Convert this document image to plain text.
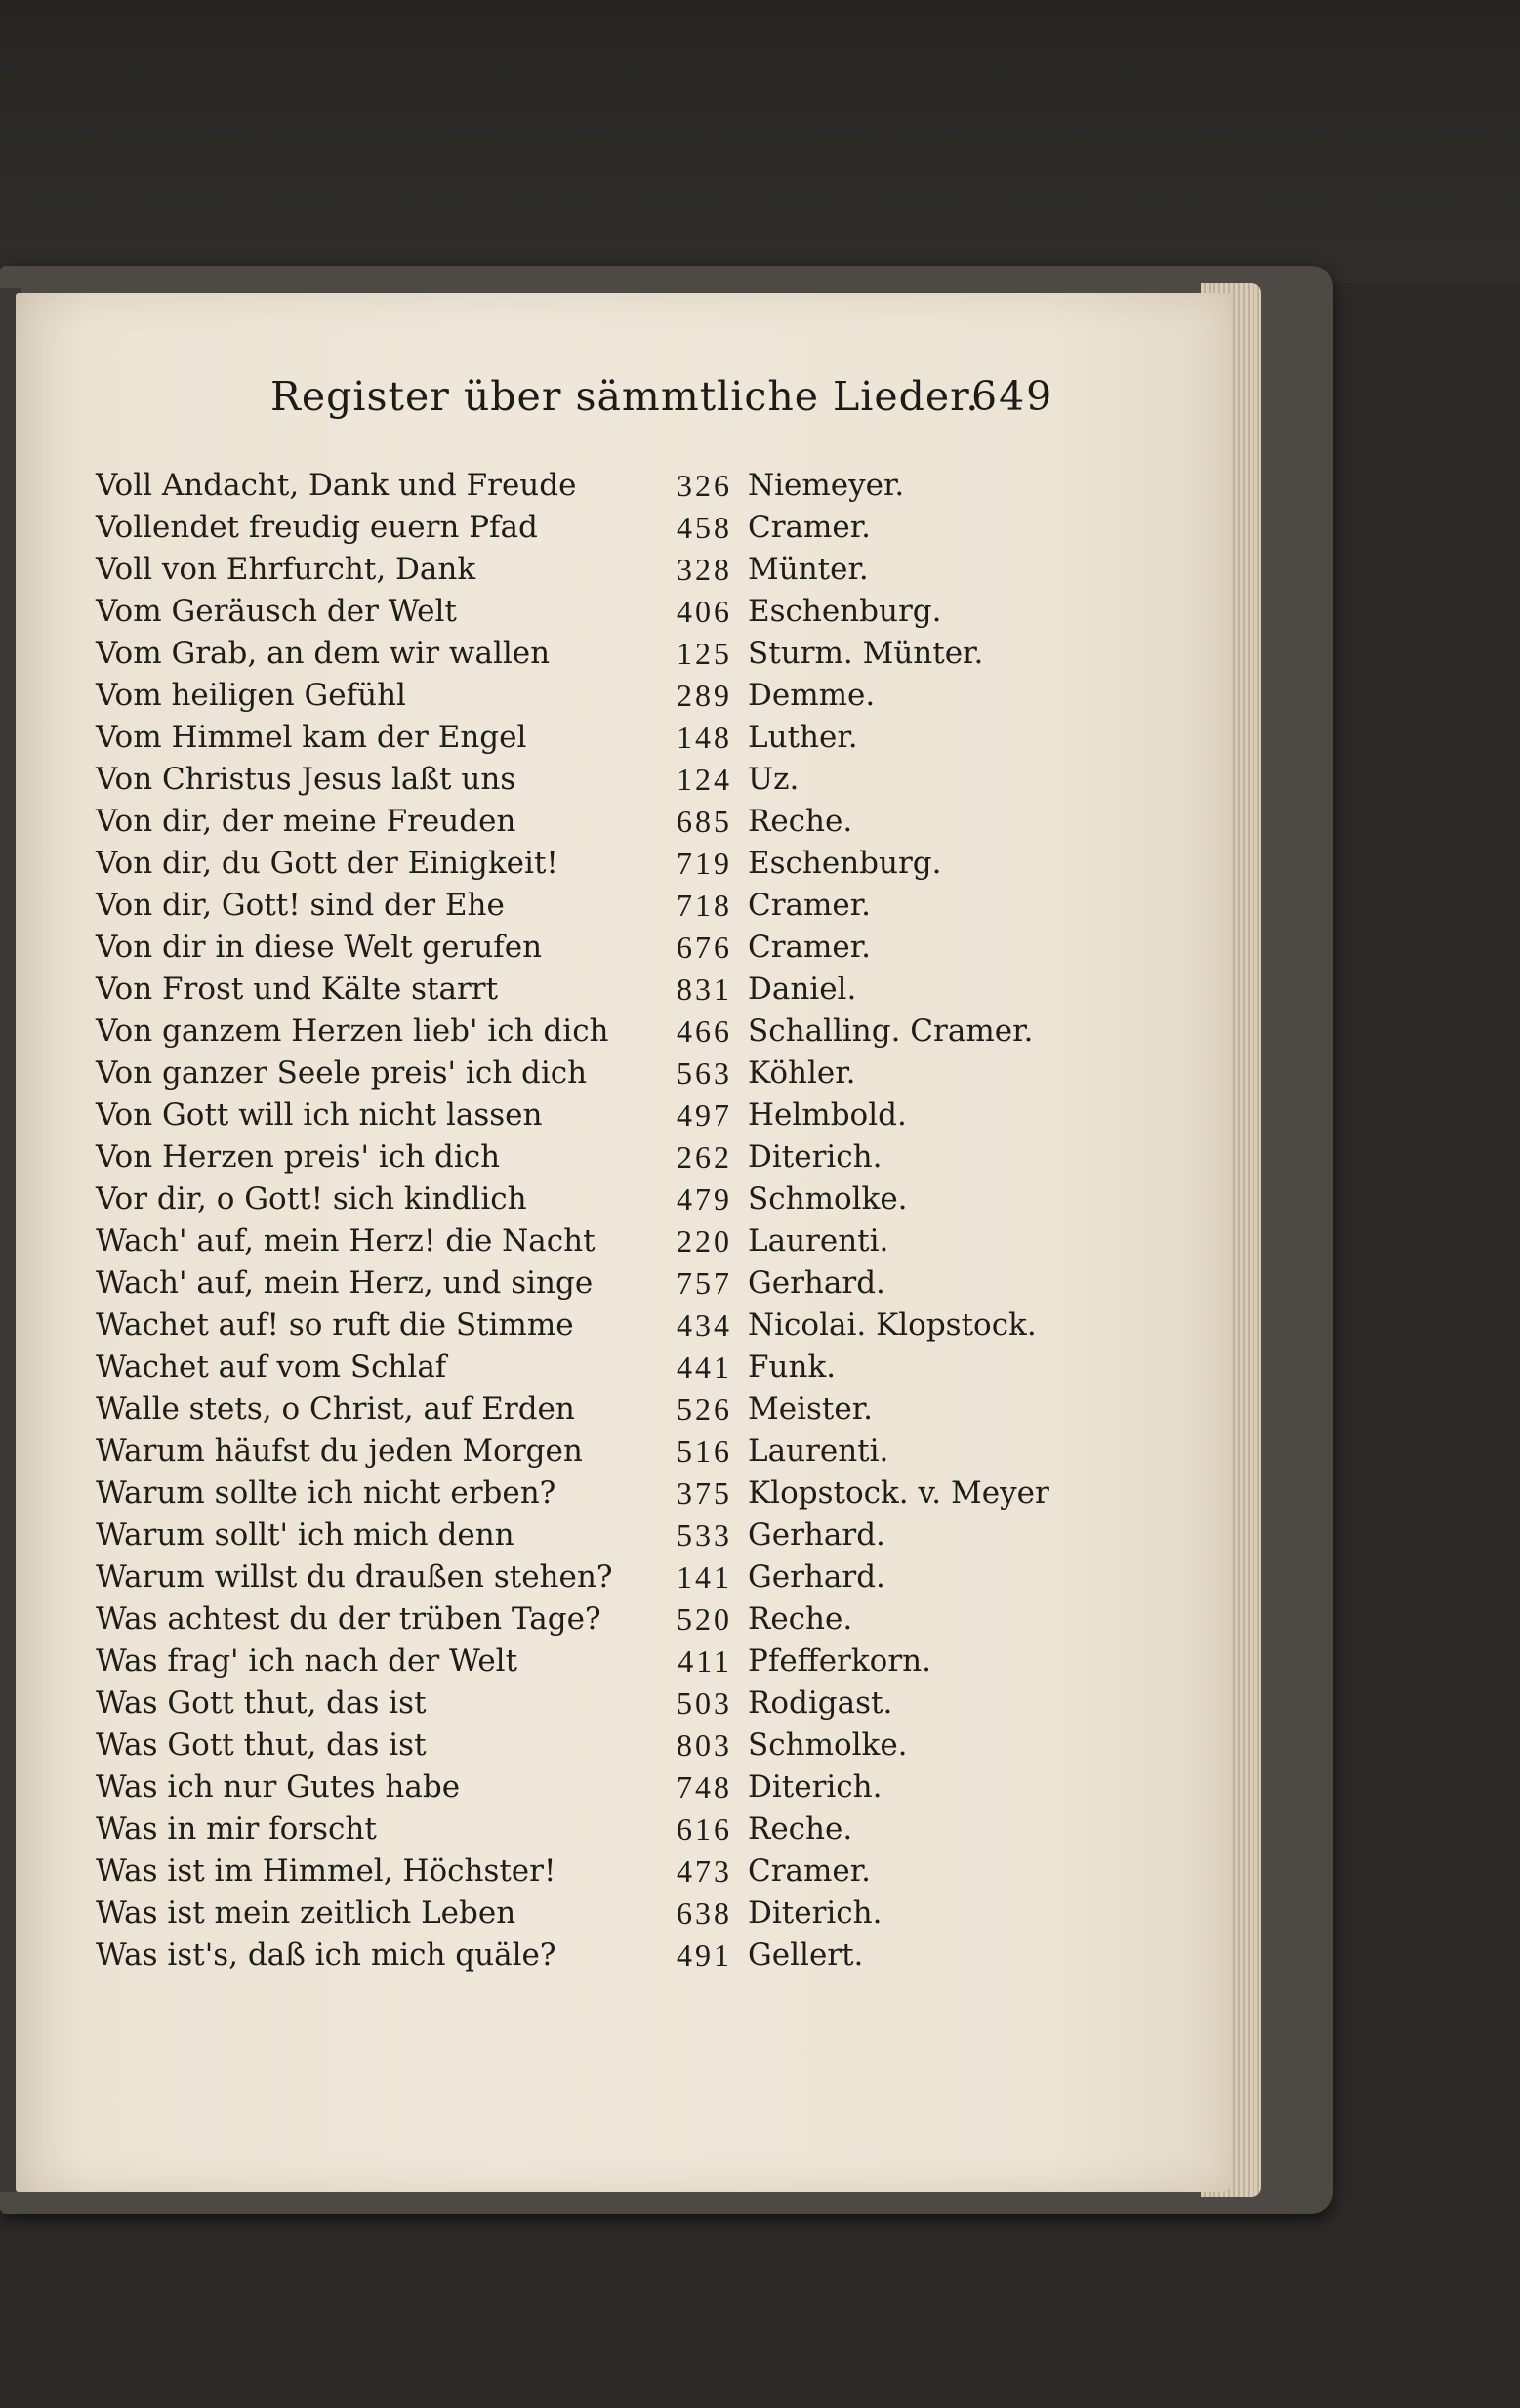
Register über sämmtliche Lieder.
649
Voll Andacht, Dank und Freude	326 Niemeyer.
Vollendet freudig euern Pfad	458 Cramer.
Voll von Ehrfurcht, Dank	328 Münter.
Vom Geräusch der Welt	406 Eschenburg.
Vom Grab, an dem wir wallen	125 Sturm. Münter.
Vom heiligen Gefühl	289 Demme.
Vom Himmel kam der Engel	148 Luther.
Von Christus Jesus laßt uns	124 Uz.
Von dir, der meine Freuden	685 Reche.
Von dir, du Gott der Einigkeit!	719 Eschenburg.
Von dir, Gott! sind der Ehe	718 Cramer.
Von dir in diese Welt gerufen	676 Cramer.
Von Frost und Kälte starrt	831 Daniel.
Von ganzem Herzen lieb' ich dich	466 Schalling. Cramer.
Von ganzer Seele preis' ich dich	563 Köhler.
Von Gott will ich nicht lassen	497 Helmbold.
Von Herzen preis' ich dich	262 Diterich.
Vor dir, o Gott! sich kindlich	479 Schmolke.
Wach' auf, mein Herz! die Nacht	220 Laurenti.
Wach' auf, mein Herz, und singe	757 Gerhard.
Wachet auf! so ruft die Stimme	434 Nicolai. Klopstock.
Wachet auf vom Schlaf	441 Funk.
Walle stets, o Christ, auf Erden	526 Meister.
Warum häufst du jeden Morgen	516 Laurenti.
Warum sollte ich nicht erben?	375 Klopstock. v. Meyer
Warum sollt' ich mich denn	533 Gerhard.
Warum willst du draußen stehen?	141 Gerhard.
Was achtest du der trüben Tage?	520 Reche.
Was frag' ich nach der Welt	411 Pfefferkorn.
Was Gott thut, das ist	503 Rodigast.
Was Gott thut, das ist	803 Schmolke.
Was ich nur Gutes habe	748 Diterich.
Was in mir forscht	616 Reche.
Was ist im Himmel, Höchster!	473 Cramer.
Was ist mein zeitlich Leben	638 Diterich.
Was ist's, daß ich mich quäle?	491 Gellert.
